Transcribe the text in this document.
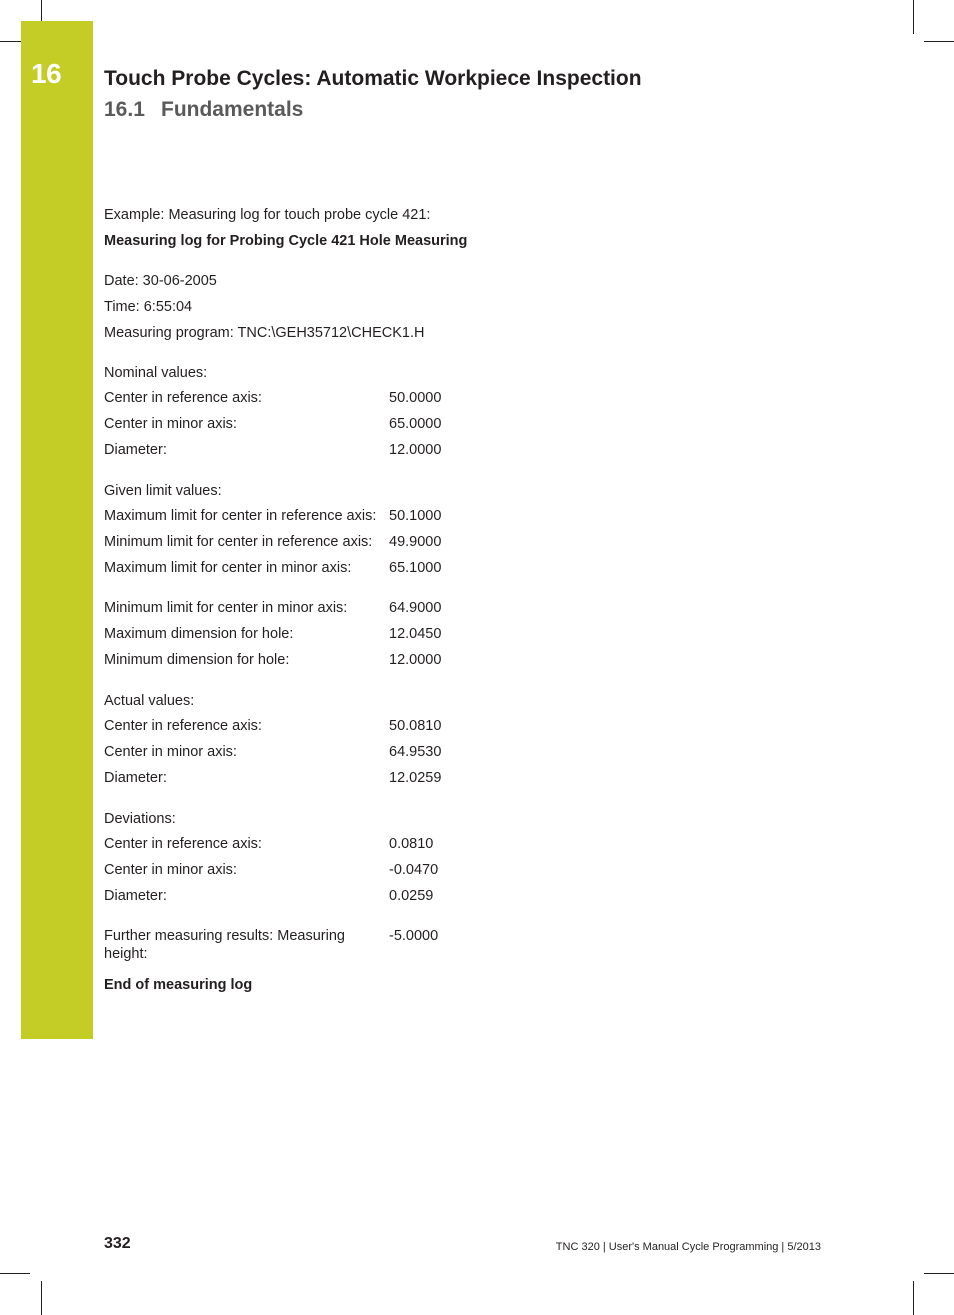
16	Touch Probe Cycles: Automatic Workpiece Inspection
16.1 Fundamentals
Example: Measuring log for touch probe cycle 421:
Measuring log for Probing Cycle 421 Hole Measuring
Date: 30-06-2005
Time: 6:55:04
Measuring program: TNC:\GEH35712\CHECK1.H
Nominal values:
Center in reference axis:	50.0000
Center in minor axis:	65.0000
Diameter:	12.0000
Given limit values:
Maximum limit for center in reference axis: 50.1000
Minimum limit for center in reference axis:	49.9000
Maximum limit for center in minor axis:	65.1000
Minimum limit for center in minor axis:	64.9000
Maximum dimension for hole:	12.0450
Minimum dimension for hole:	12.0000
Actual values:
Center in reference axis:	50.0810
Center in minor axis:	64.9530
Diameter:	12.0259
Deviations:
Center in reference axis:	0.0810
Center in minor axis:	-0.0470
Diameter:	0.0259
Further measuring results: Measuring height:
-5.0000
End of measuring log
332	TNC 320 | User's Manual Cycle Programming | 5/2013
